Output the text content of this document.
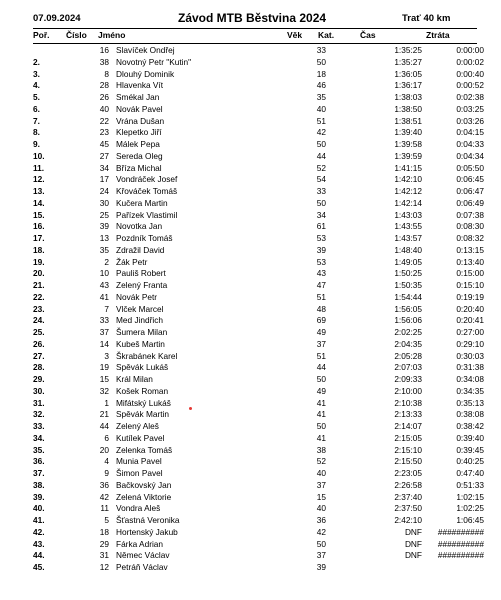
07.09.2024	Závod MTB Běstvina 2024	Trať 40 km
Poř. Číslo Jméno	Věk Kat.	Čas	Ztráta
	16	Slavíček Ondřej	33		1:35:25	0:00:00
2.	38	Novotný Petr "Kutin"	50		1:35:27	0:00:02
3.	8	Dlouhý Dominik	18		1:36:05	0:00:40
4.	28	Hlavenka Vít	46		1:36:17	0:00:52
5.	26	Smékal Jan	35		1:38:03	0:02:38
6.	40	Novák Pavel	40		1:38:50	0:03:25
7.	22	Vrána Dušan	51		1:38:51	0:03:26
8.	23	Klepetko Jiří	42		1:39:40	0:04:15
9.	45	Málek Pepa	50		1:39:58	0:04:33
10.	27	Sereda Oleg	44		1:39:59	0:04:34
11.	34	Bříza Michal	52		1:41:15	0:05:50
12.	17	Vondráček Josef	54		1:42:10	0:06:45
13.	24	Křováček Tomáš	33		1:42:12	0:06:47
14.	30	Kučera Martin	50		1:42:14	0:06:49
15.	25	Pařízek Vlastimil	34		1:43:03	0:07:38
16.	39	Novotka Jan	61		1:43:55	0:08:30
17.	13	Pozdník Tomáš	53		1:43:57	0:08:32
18.	35	Zdražil David	39		1:48:40	0:13:15
19.	2	Žák Petr	53		1:49:05	0:13:40
20.	10	Pauliš Robert	43		1:50:25	0:15:00
21.	43	Zelený Franta	47		1:50:35	0:15:10
22.	41	Novák Petr	51		1:54:44	0:19:19
23.	7	Vlček Marcel	48		1:56:05	0:20:40
24.	33	Med Jindřich	69		1:56:06	0:20:41
25.	37	Šumera Milan	49		2:02:25	0:27:00
26.	14	Kubeš Martin	37		2:04:35	0:29:10
27.	3	Škrabánek Karel	51		2:05:28	0:30:03
28.	19	Spěvák Lukáš	44		2:07:03	0:31:38
29.	15	Král Milan	50		2:09:33	0:34:08
30.	32	Košek Roman	49		2:10:00	0:34:35
31.	1	Mifátský Lukáš	41		2:10:38	0:35:13
32.	21	Spěvák Martin	41		2:13:33	0:38:08
33.	44	Zelený Aleš	50		2:14:07	0:38:42
34.	6	Kutílek Pavel	41		2:15:05	0:39:40
35.	20	Zelenka Tomáš	38		2:15:10	0:39:45
36.	4	Munia Pavel	52		2:15:50	0:40:25
37.	9	Šimon Pavel	40		2:23:05	0:47:40
38.	36	Bačkovský Jan	37		2:26:58	0:51:33
39.	42	Zelená Viktorie	15		2:37:40	1:02:15
40.	11	Vondra Aleš	40		2:37:50	1:02:25
41.	5	Šťastná Veronika	36		2:42:10	1:06:45
42.	18	Hortenský Jakub	42		DNF	##########
43.	29	Fárka Adrian	50		DNF	##########
44.	31	Němec Václav	37		DNF	##########
45.	12	Petráň Václav	39			
